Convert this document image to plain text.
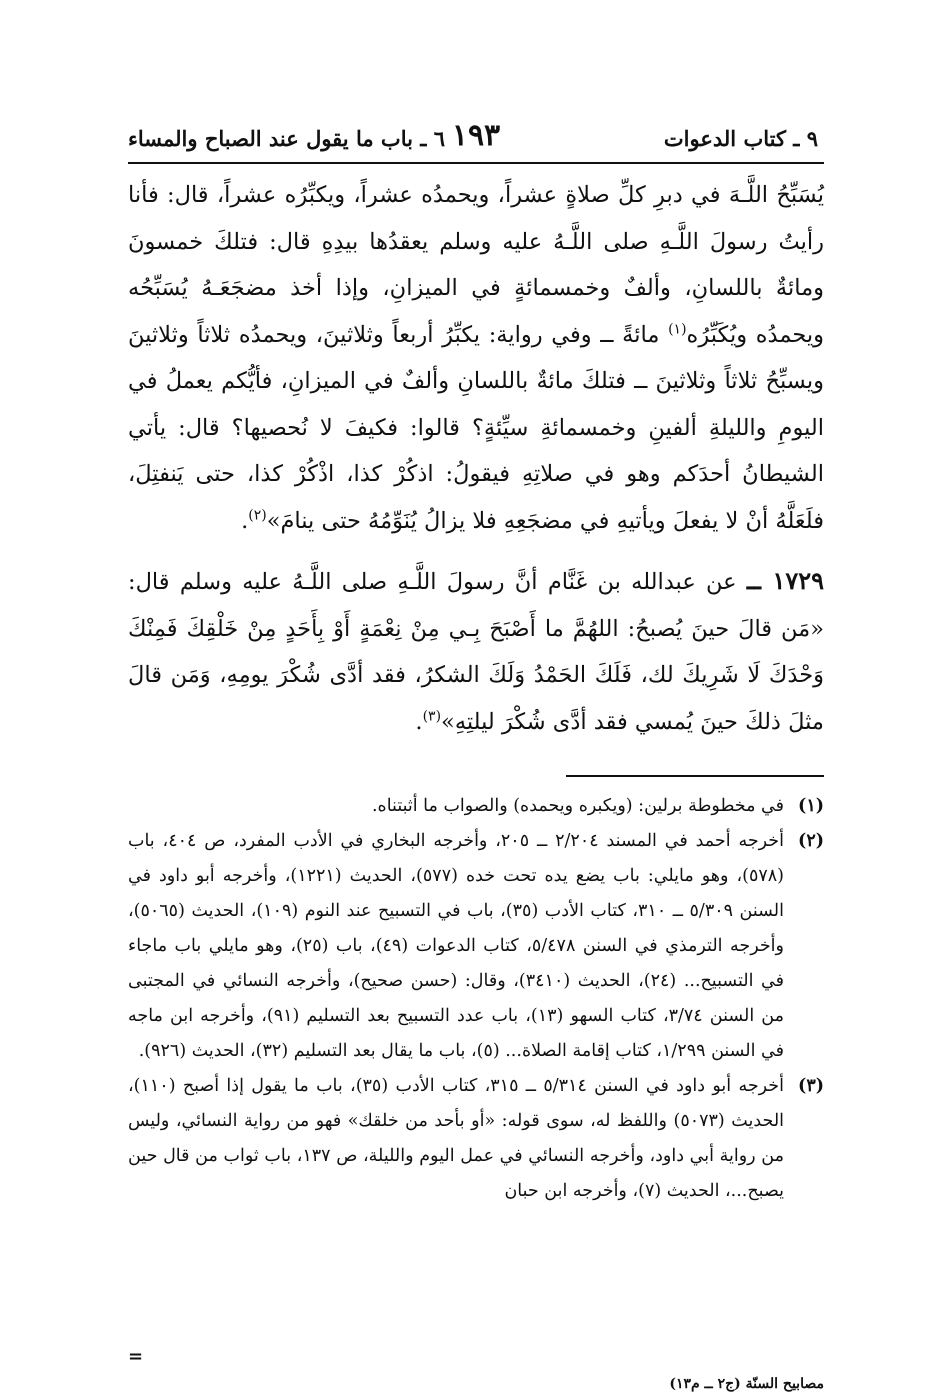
٩ ـ كتاب الدعوات
١٩٣
٦ ـ باب ما يقول عند الصباح والمساء

يُسَبِّحُ اللَّـهَ في دبرِ كلِّ صلاةٍ عشراً، ويحمدُه عشراً، ويكبِّرُه عشراً، قال: فأنا رأيتُ رسولَ اللَّـهِ صلى اللَّـهُ عليه وسلم يعقدُها بيدِهِ قال: فتلكَ خمسونَ ومائةٌ باللسانِ، وألفٌ وخمسمائةٍ في الميزانِ، وإذا أخذ مضجَعَـهُ يُسَبِّحُه ويحمدُه ويُكَبِّرُه$^{(١)}$ مائةً ــ وفي رواية: يكبِّرُ أربعاً وثلاثينَ، ويحمدُه ثلاثاً وثلاثينَ ويسبِّحُ ثلاثاً وثلاثينَ ــ فتلكَ مائةٌ باللسانِ وألفٌ في الميزانِ، فأيُّكم يعملُ في اليومِ والليلةِ ألفينِ وخمسمائةِ سيِّئةٍ؟ قالوا: فكيفَ لا نُحصيها؟ قال: يأتي الشيطانُ أحدَكم وهو في صلاتِهِ فيقولُ: اذكُرْ كذا، اذْكُرْ كذا، حتى يَنفتِلَ، فلَعَلَّهُ أنْ لا يفعلَ ويأتيهِ في مضجَعِهِ فلا يزالُ يُنَوِّمُهُ حتى ينامَ»$^{(٢)}$.

١٧٢٩ ــ عن عبدالله بن غَنَّام أنَّ رسولَ اللَّـهِ صلى اللَّـهُ عليه وسلم قال: «مَن قالَ حينَ يُصبحُ: اللهُمَّ ما أَصْبَحَ بِـي مِنْ نِعْمَةٍ أَوْ بِأَحَدٍ مِنْ خَلْقِكَ فَمِنْكَ وَحْدَكَ لَا شَرِيكَ لك، فَلَكَ الحَمْدُ وَلَكَ الشكرُ، فقد أدَّى شُكْرَ يومِهِ، وَمَن قالَ مثلَ ذلكَ حينَ يُمسي فقد أدَّى شُكْرَ ليلتِهِ»$^{(٣)}$.

(١)
في مخطوطة برلين: (ويكبره ويحمده) والصواب ما أثبتناه.
(٢)
أخرجه أحمد في المسند ٢/٢٠٤ ــ ٢٠٥، وأخرجه البخاري في الأدب المفرد، ص ٤٠٤، باب (٥٧٨)، وهو مايلي: باب يضع يده تحت خده (٥٧٧)، الحديث (١٢٢١)، وأخرجه أبو داود في السنن ٥/٣٠٩ ــ ٣١٠، كتاب الأدب (٣٥)، باب في التسبيح عند النوم (١٠٩)، الحديث (٥٠٦٥)، وأخرجه الترمذي في السنن ٥/٤٧٨، كتاب الدعوات (٤٩)، باب (٢٥)، وهو مايلي باب ماجاء في التسبيح... (٢٤)، الحديث (٣٤١٠)، وقال: (حسن صحيح)، وأخرجه النسائي في المجتبى من السنن ٣/٧٤، كتاب السهو (١٣)، باب عدد التسبيح بعد التسليم (٩١)، وأخرجه ابن ماجه في السنن ١/٢٩٩، كتاب إقامة الصلاة... (٥)، باب ما يقال بعد التسليم (٣٢)، الحديث (٩٢٦).
(٣)
أخرجه أبو داود في السنن ٥/٣١٤ ــ ٣١٥، كتاب الأدب (٣٥)، باب ما يقول إذا أصبح (١١٠)، الحديث (٥٠٧٣) واللفظ له، سوى قوله: «أو بأحد من خلقك» فهو من رواية النسائي، وليس من رواية أبي داود، وأخرجه النسائي في عمل اليوم والليلة، ص ١٣٧، باب ثواب من قال حين يصبح...، الحديث (٧)، وأخرجه ابن حبان
=
مصابيح السنّة (ج٢ ــ م١٣)
